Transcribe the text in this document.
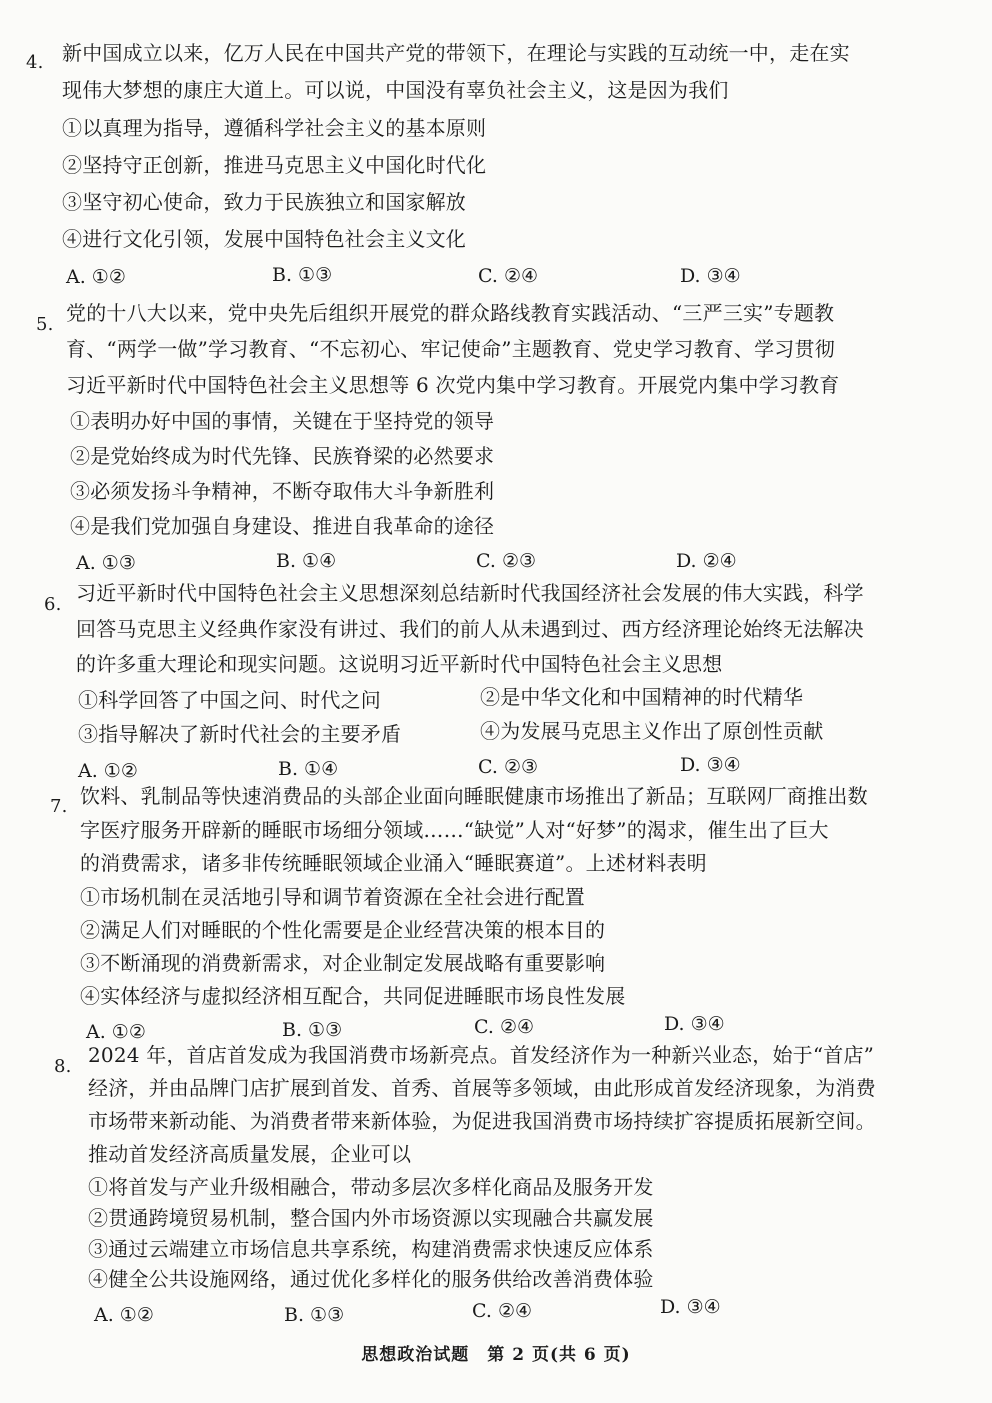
4. 新中国成立以来，亿万人民在中国共产党的带领下，在理论与实践的互动统一中，走在实
现伟大梦想的康庄大道上。可以说，中国没有辜负社会主义，这是因为我们
①以真理为指导，遵循科学社会主义的基本原则
②坚持守正创新，推进马克思主义中国化时代化
③坚守初心使命，致力于民族独立和国家解放
④进行文化引领，发展中国特色社会主义文化
A. ①②	B. ①③	C. ②④	D. ③④
5. 党的十八大以来，党中央先后组织开展党的群众路线教育实践活动、“三严三实”专题教
育、“两学一做”学习教育、“不忘初心、牢记使命”主题教育、党史学习教育、学习贯彻
习近平新时代中国特色社会主义思想等 6 次党内集中学习教育。开展党内集中学习教育
①表明办好中国的事情，关键在于坚持党的领导
②是党始终成为时代先锋、民族脊梁的必然要求
③必须发扬斗争精神，不断夺取伟大斗争新胜利
④是我们党加强自身建设、推进自我革命的途径
A. ①③	B. ①④	C. ②③	D. ②④
6. 习近平新时代中国特色社会主义思想深刻总结新时代我国经济社会发展的伟大实践，科学
回答马克思主义经典作家没有讲过、我们的前人从未遇到过、西方经济理论始终无法解决
的许多重大理论和现实问题。这说明习近平新时代中国特色社会主义思想
①科学回答了中国之问、时代之问	②是中华文化和中国精神的时代精华
③指导解决了新时代社会的主要矛盾	④为发展马克思主义作出了原创性贡献
A. ①②	B. ①④	C. ②③	D. ③④
7. 饮料、乳制品等快速消费品的头部企业面向睡眠健康市场推出了新品；互联网厂商推出数
字医疗服务开辟新的睡眠市场细分领域……“缺觉”人对“好梦”的渴求，催生出了巨大
的消费需求，诸多非传统睡眠领域企业涌入“睡眠赛道”。上述材料表明
①市场机制在灵活地引导和调节着资源在全社会进行配置
②满足人们对睡眠的个性化需要是企业经营决策的根本目的
③不断涌现的消费新需求，对企业制定发展战略有重要影响
④实体经济与虚拟经济相互配合，共同促进睡眠市场良性发展
A. ①②	B. ①③	C. ②④	D. ③④
8. 2024 年，首店首发成为我国消费市场新亮点。首发经济作为一种新兴业态，始于“首店”
经济，并由品牌门店扩展到首发、首秀、首展等多领域，由此形成首发经济现象，为消费
市场带来新动能、为消费者带来新体验，为促进我国消费市场持续扩容提质拓展新空间。
推动首发经济高质量发展，企业可以
①将首发与产业升级相融合，带动多层次多样化商品及服务开发
②贯通跨境贸易机制，整合国内外市场资源以实现融合共赢发展
③通过云端建立市场信息共享系统，构建消费需求快速反应体系
④健全公共设施网络，通过优化多样化的服务供给改善消费体验
A. ①②	B. ①③	C. ②④	D. ③④
思想政治试题　第 2 页(共 6 页)
